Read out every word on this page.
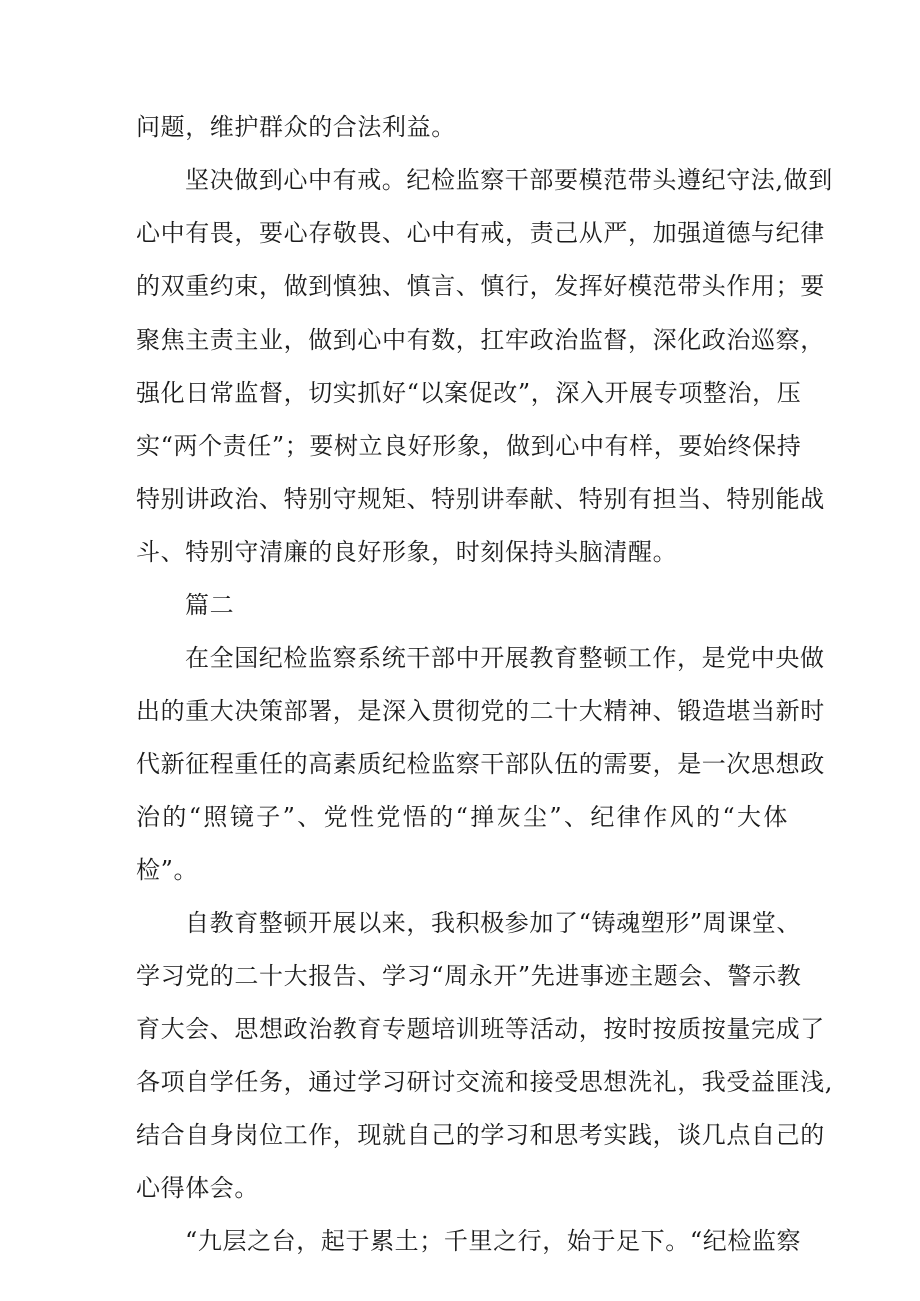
问题，维护群众的合法利益。
坚决做到心中有戒。纪检监察干部要模范带头遵纪守法,做到
心中有畏，要心存敬畏、心中有戒，责己从严，加强道德与纪律
的双重约束，做到慎独、慎言、慎行，发挥好模范带头作用；要
聚焦主责主业，做到心中有数，扛牢政治监督，深化政治巡察，
强化日常监督，切实抓好“以案促改”，深入开展专项整治，压
实“两个责任”；要树立良好形象，做到心中有样，要始终保持
特别讲政治、特别守规矩、特别讲奉献、特别有担当、特别能战
斗、特别守清廉的良好形象，时刻保持头脑清醒。
篇二
在全国纪检监察系统干部中开展教育整顿工作，是党中央做
出的重大决策部署，是深入贯彻党的二十大精神、锻造堪当新时
代新征程重任的高素质纪检监察干部队伍的需要，是一次思想政
治的“照镜子”、党性党悟的“掸灰尘”、纪律作风的“大体
检”。
自教育整顿开展以来，我积极参加了“铸魂塑形”周课堂、
学习党的二十大报告、学习“周永开”先进事迹主题会、警示教
育大会、思想政治教育专题培训班等活动，按时按质按量完成了
各项自学任务，通过学习研讨交流和接受思想洗礼，我受益匪浅,
结合自身岗位工作，现就自己的学习和思考实践，谈几点自己的
心得体会。
“九层之台，起于累土；千里之行，始于足下。“纪检监察
